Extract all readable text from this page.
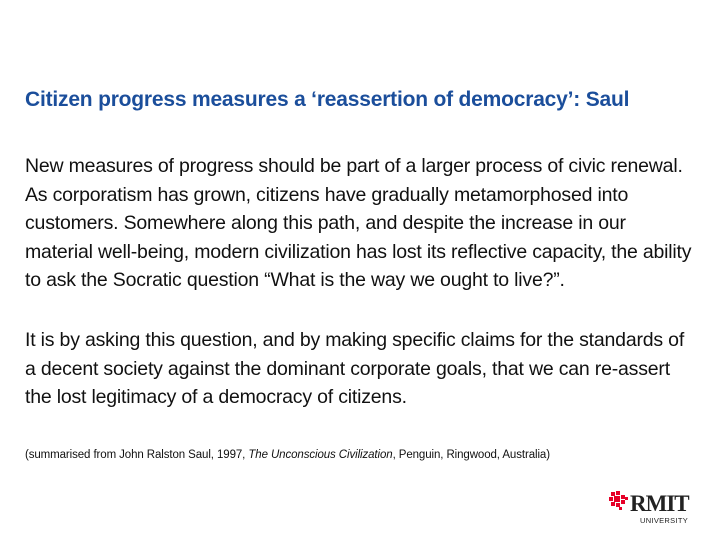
Citizen progress measures a ‘reassertion of democracy’: Saul

New measures of progress should be part of a larger process of civic renewal. As corporatism has grown, citizens have gradually metamorphosed into customers. Somewhere along this path, and despite the increase in our material well-being, modern civilization has lost its reflective capacity, the ability to ask the Socratic question “What is the way we ought to live?”.

It is by asking this question, and by making specific claims for the standards of a decent society against the dominant corporate goals, that we can re-assert the lost legitimacy of a democracy of citizens.

(summarised from John Ralston Saul, 1997, The Unconscious Civilization, Penguin, Ringwood, Australia)
RMIT
UNIVERSITY
